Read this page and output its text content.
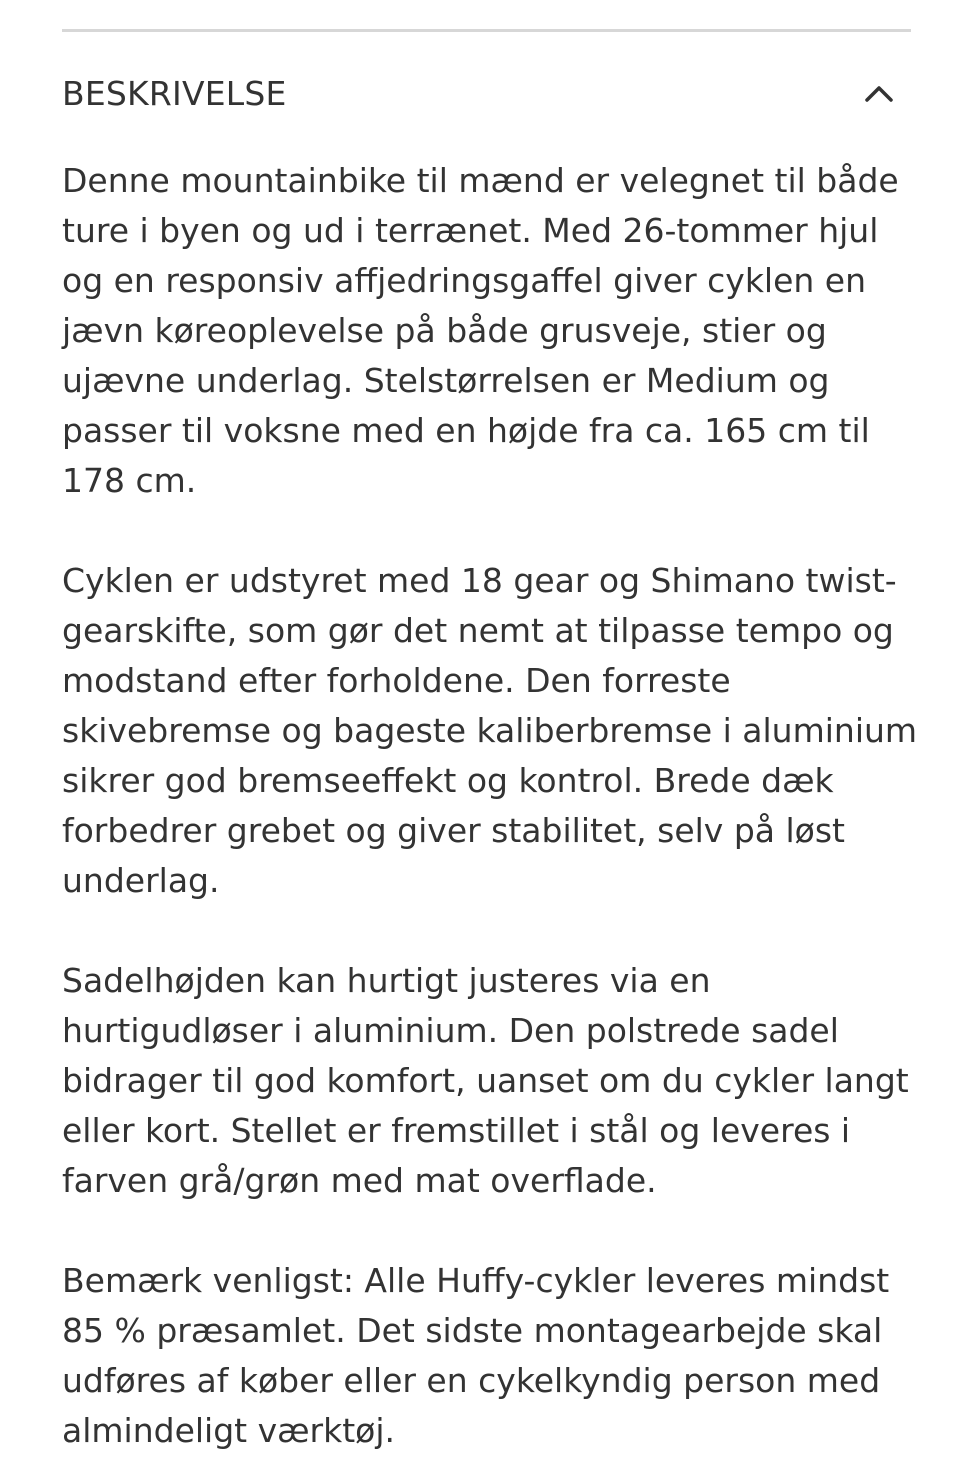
BESKRIVELSE

Denne mountainbike til mænd er velegnet til både
ture i byen og ud i terrænet. Med 26-tommer hjul
og en responsiv affjedringsgaffel giver cyklen en
jævn køreoplevelse på både grusveje, stier og
ujævne underlag. Stelstørrelsen er Medium og
passer til voksne med en højde fra ca. 165 cm til
178 cm.

Cyklen er udstyret med 18 gear og Shimano twist-
gearskifte, som gør det nemt at tilpasse tempo og
modstand efter forholdene. Den forreste
skivebremse og bageste kaliberbremse i aluminium
sikrer god bremseeffekt og kontrol. Brede dæk
forbedrer grebet og giver stabilitet, selv på løst
underlag.

Sadelhøjden kan hurtigt justeres via en
hurtigudløser i aluminium. Den polstrede sadel
bidrager til god komfort, uanset om du cykler langt
eller kort. Stellet er fremstillet i stål og leveres i
farven grå/grøn med mat overflade.

Bemærk venligst: Alle Huffy-cykler leveres mindst
85 % præsamlet. Det sidste montagearbejde skal
udføres af køber eller en cykelkyndig person med
almindeligt værktøj.
